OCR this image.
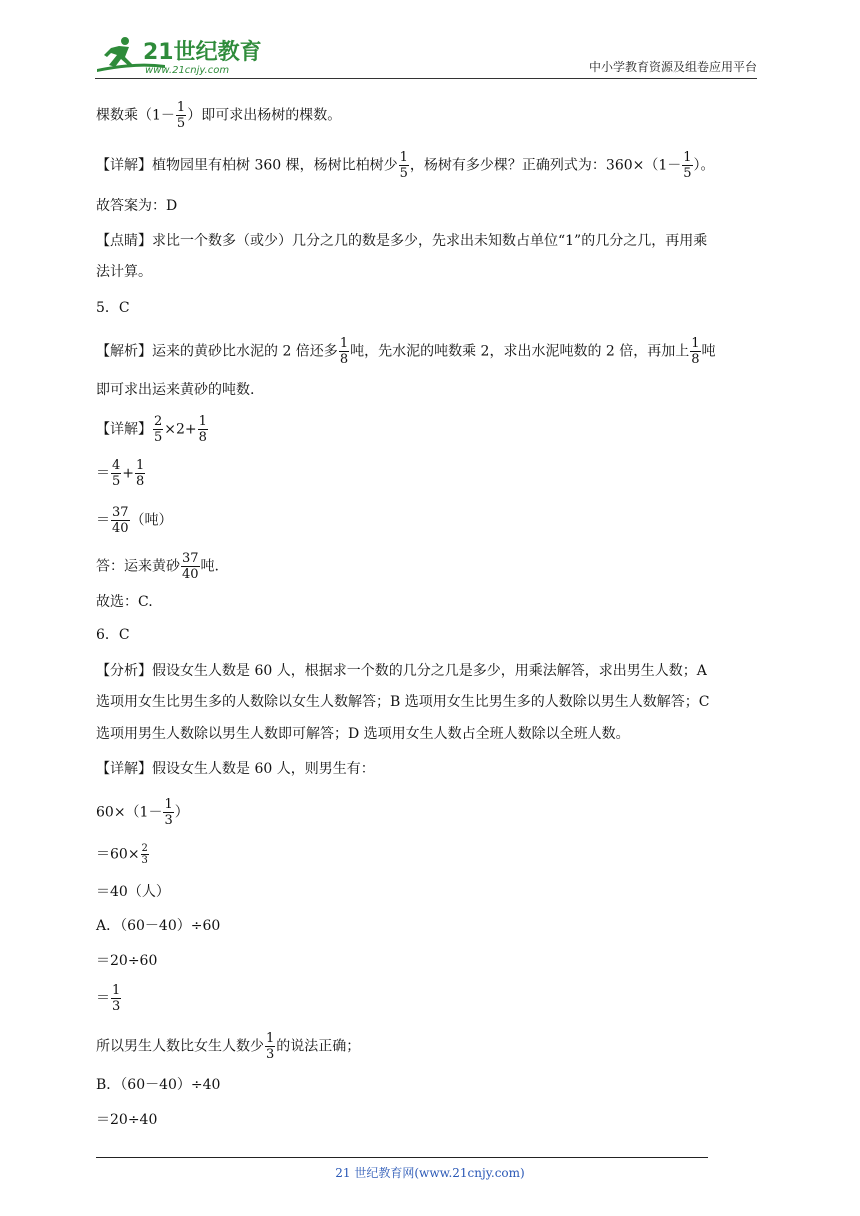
21世纪教育
www.21cnjy.com	中小学教育资源及组卷应用平台
棵数乘（$1- \frac{1}{5}$ ）即可求出杨树的棵数。
【详解】植物园里有柏树 360 棵，杨树比柏树少 $\frac{1}{5}$ ，杨树有多少棵？正确列式为：$360\times(1- \frac{1}{5}$ ）。
故答案为：D
【点睛】求比一个数多（或少）几分之几的数是多少，先求出未知数占单位“1”的几分之几，再用乘
法计算。
5．C
【解析】运来的黄砂比水泥的 2 倍还多 $\frac{1}{8}$ 吨，先水泥的吨数乘 2，求出水泥吨数的 2 倍，再加上 $\frac{1}{8}$ 吨
即可求出运来黄砂的吨数.
【详解】 $\frac{2}{5} \times 2+ \frac{1}{8}$
＝ $\frac{4}{5} + \frac{1}{8}$
＝ $\frac{37}{40}$ （吨）
答：运来黄砂 $\frac{37}{40}$ 吨.
故选：C.
6．C
【分析】假设女生人数是 60 人，根据求一个数的几分之几是多少，用乘法解答，求出男生人数；A
选项用女生比男生多的人数除以女生人数解答；B 选项用女生比男生多的人数除以男生人数解答；C
选项用男生人数除以男生人数即可解答；D 选项用女生人数占全班人数除以全班人数。
【详解】假设女生人数是 60 人，则男生有：
$60\times(1- \frac{1}{3}$ ）
$=60\times \frac{2}{3}$
＝40（人）
A．（60－40）÷60
＝20÷60
＝ $\frac{1}{3}$
所以男生人数比女生人数少 $\frac{1}{3}$ 的说法正确；
B．（60－40）÷40
＝20÷40
21 世纪教育网(www.21cnjy.com)
